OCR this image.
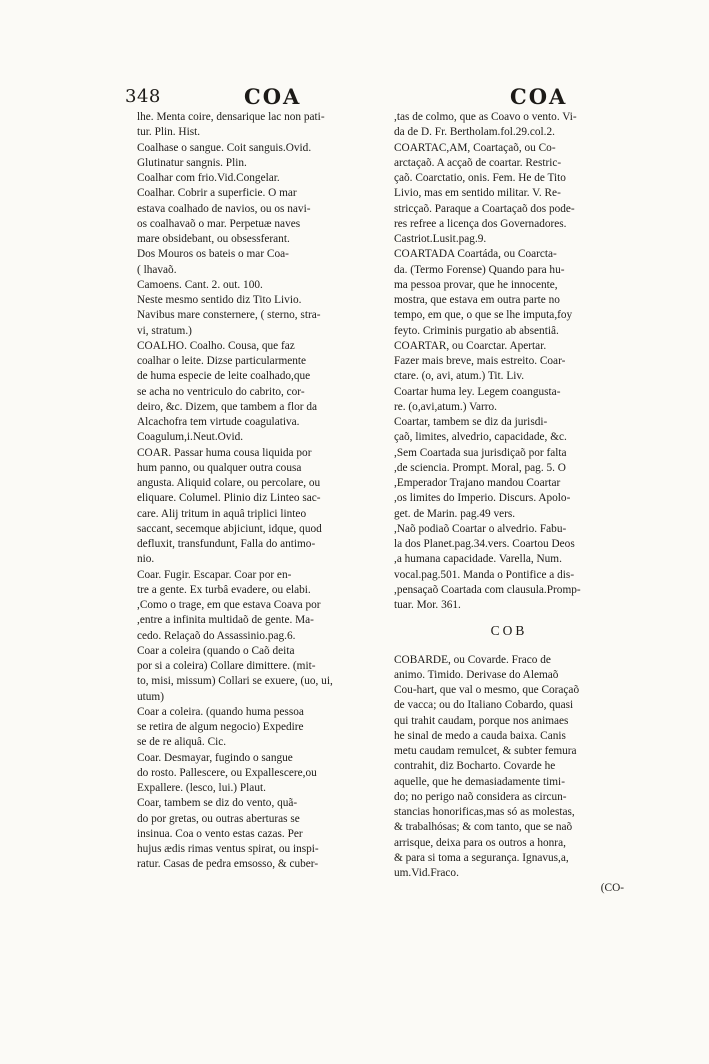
348	COA	COA
lhe. Menta coire, densarique lac non pati-
tur. Plin. Hist.
Coalhase o sangue. Coit sanguis.Ovid.
Glutinatur sangnis. Plin.
Coalhar com frio.Vid.Congelar.
Coalhar. Cobrir a superficie. O mar
estava coalhado de navios, ou os navi-
os coalhavaõ o mar. Perpetuæ naves
mare obsidebant, ou obsessferant.
Dos Mouros os bateis o mar Coa-
( lhavaõ.
Camoens. Cant. 2. out. 100.
Neste mesmo sentido diz Tito Livio.
Navibus mare consternere, ( sterno, stra-
vi, stratum.)
COALHO. Coalho. Cousa, que faz
coalhar o leite. Dizse particularmente
de huma especie de leite coalhado,que
se acha no ventriculo do cabrito, cor-
deiro, &c. Dizem, que tambem a flor da
Alcachofra tem virtude coagulativa.
Coagulum,i.Neut.Ovid.
COAR. Passar huma cousa liquida por
hum panno, ou qualquer outra cousa
angusta. Aliquid colare, ou percolare, ou
eliquare. Columel. Plinio diz Linteo sac-
care. Alij tritum in aquâ triplici linteo
saccant, secemque abjiciunt, idque, quod
defluxit, transfundunt, Falla do antimo-
nio.
Coar. Fugir. Escapar. Coar por en-
tre a gente. Ex turbâ evadere, ou elabi.
,Como o trage, em que estava Coava por
,entre a infinita multidaõ de gente. Ma-
cedo. Relaçaõ do Assassinio.pag.6.
Coar a coleira (quando o Caõ deita
por si a coleira) Collare dimittere. (mit-
to, misi, missum) Collari se exuere, (uo, ui,
utum)
Coar a coleira. (quando huma pessoa
se retira de algum negocio) Expedire
se de re aliquâ. Cic.
Coar. Desmayar, fugindo o sangue
do rosto. Pallescere, ou Expallescere,ou
Expallere. (lesco, lui.) Plaut.
Coar, tambem se diz do vento, quã-
do por gretas, ou outras aberturas se
insinua. Coa o vento estas cazas. Per
hujus ædis rimas ventus spirat, ou inspi-
ratur. Casas de pedra emsosso, & cuber-
,tas de colmo, que as Coavo o vento. Vi-
da de D. Fr. Bertholam.fol.29.col.2.
COARTAC,AM, Coartaçaõ, ou Co-
arctaçaõ. A acçaõ de coartar. Restric-
çaõ. Coarctatio, onis. Fem. He de Tito
Livio, mas em sentido militar. V. Re-
stricçaõ. Paraque a Coartaçaõ dos pode-
res refree a licença dos Governadores.
Castriot.Lusit.pag.9.
COARTADA Coartáda, ou Coarcta-
da. (Termo Forense) Quando para hu-
ma pessoa provar, que he innocente,
mostra, que estava em outra parte no
tempo, em que, o que se lhe imputa,foy
feyto. Criminis purgatio ab absentiâ.
COARTAR, ou Coarctar. Apertar.
Fazer mais breve, mais estreito. Coar-
ctare. (o, avi, atum.) Tit. Liv.
Coartar huma ley. Legem coangusta-
re. (o,avi,atum.) Varro.
Coartar, tambem se diz da jurisdi-
çaõ, limites, alvedrio, capacidade, &c.
,Sem Coartada sua jurisdiçaõ por falta
,de sciencia. Prompt. Moral, pag. 5. O
,Emperador Trajano mandou Coartar
,os limites do Imperio. Discurs. Apolo-
get. de Marin. pag.49 vers.
,Naõ podiaõ Coartar o alvedrio. Fabu-
la dos Planet.pag.34.vers. Coartou Deos
,a humana capacidade. Varella, Num.
vocal.pag.501. Manda o Pontifice a dis-
,pensaçaõ Coartada com clausula.Promp-
tuar. Mor. 361.
COB
COBARDE, ou Covarde. Fraco de
animo. Timido. Derivase do Alemaõ
Cou-hart, que val o mesmo, que Coraçaõ
de vacca; ou do Italiano Cobardo, quasi
qui trahit caudam, porque nos animaes
he sinal de medo a cauda baixa. Canis
metu caudam remulcet, & subter femura
contrahit, diz Bocharto. Covarde he
aquelle, que he demasiadamente timi-
do; no perigo naõ considera as circun-
stancias honorificas,mas só as molestas,
& trabalhósas; & com tanto, que se naõ
arrisque, deixa para os outros a honra,
& para si toma a segurança. Ignavus,a,
um.Vid.Fraco.
(CO-
